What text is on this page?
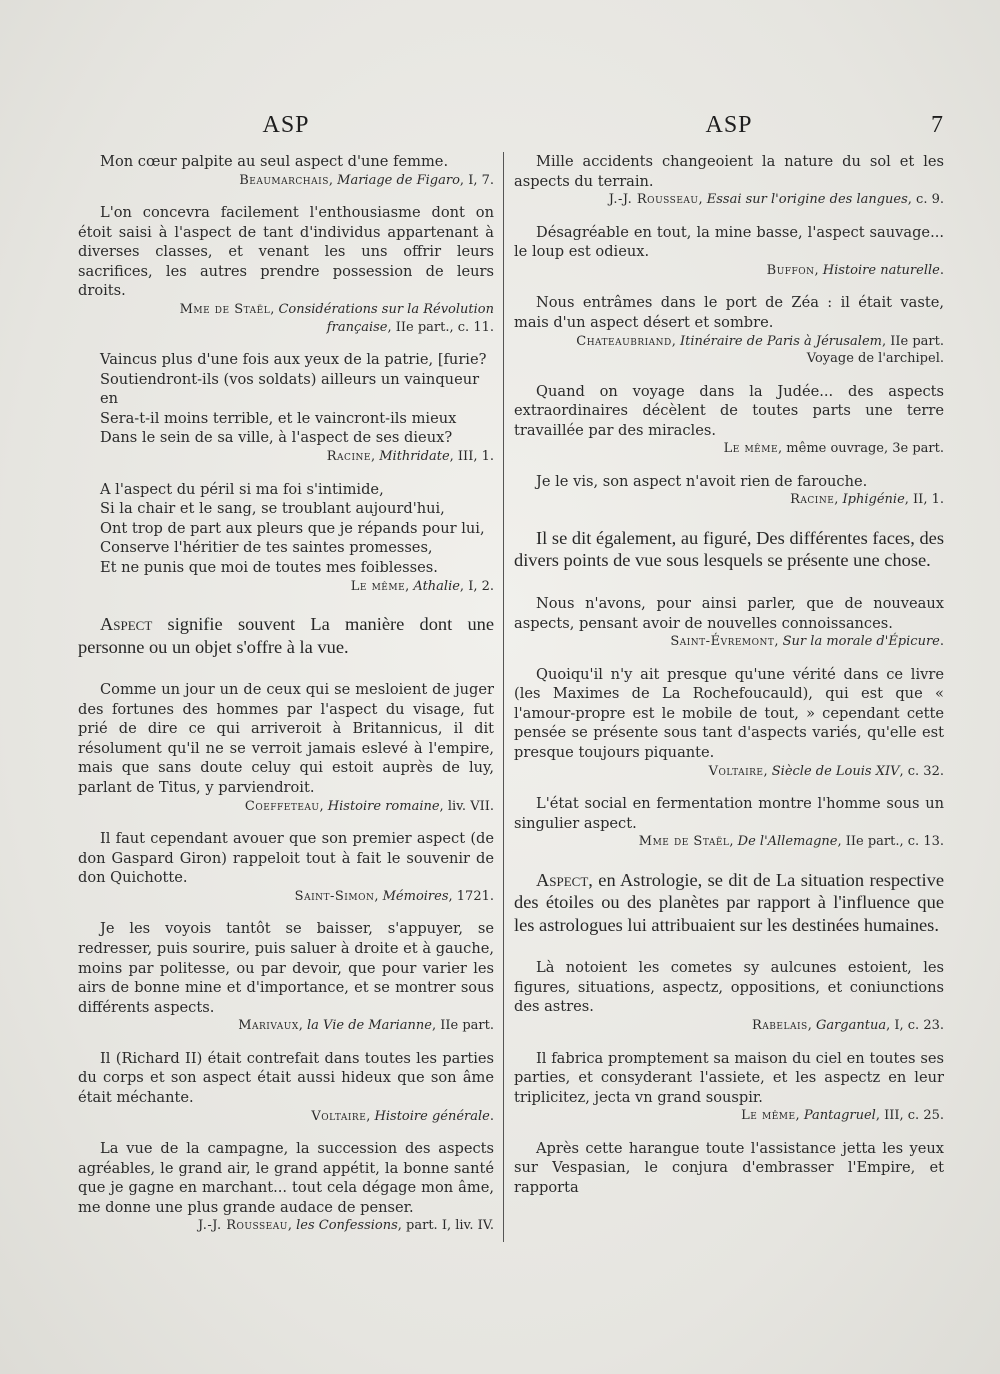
ASP

Mon cœur palpite au seul aspect d'une femme.

Beaumarchais, Mariage de Figaro, I, 7.

L'on concevra facilement l'enthousiasme dont on étoit saisi à l'aspect de tant d'individus appartenant à diverses classes, et venant les uns offrir leurs sacrifices, les autres prendre possession de leurs droits.

Mme de Staël, Considérations sur la Révolution française, IIe part., c. 11.

Vaincus plus d'une fois aux yeux de la patrie, [furie?
Soutiendront-ils (vos soldats) ailleurs un vainqueur en
Sera-t-il moins terrible, et le vaincront-ils mieux
Dans le sein de sa ville, à l'aspect de ses dieux?

Racine, Mithridate, III, 1.

A l'aspect du péril si ma foi s'intimide,
Si la chair et le sang, se troublant aujourd'hui,
Ont trop de part aux pleurs que je répands pour lui,
Conserve l'héritier de tes saintes promesses,
Et ne punis que moi de toutes mes foiblesses.

Le même, Athalie, I, 2.

Aspect signifie souvent La manière dont une personne ou un objet s'offre à la vue.

Comme un jour un de ceux qui se mesloient de juger des fortunes des hommes par l'aspect du visage, fut prié de dire ce qui arriveroit à Britannicus, il dit résolument qu'il ne se verroit jamais eslevé à l'empire, mais que sans doute celuy qui estoit auprès de luy, parlant de Titus, y parviendroit.

Coeffeteau, Histoire romaine, liv. VII.

Il faut cependant avouer que son premier aspect (de don Gaspard Giron) rappeloit tout à fait le souvenir de don Quichotte.

Saint-Simon, Mémoires, 1721.

Je les voyois tantôt se baisser, s'appuyer, se redresser, puis sourire, puis saluer à droite et à gauche, moins par politesse, ou par devoir, que pour varier les airs de bonne mine et d'importance, et se montrer sous différents aspects.

Marivaux, la Vie de Marianne, IIe part.

Il (Richard II) était contrefait dans toutes les parties du corps et son aspect était aussi hideux que son âme était méchante.

Voltaire, Histoire générale.

La vue de la campagne, la succession des aspects agréables, le grand air, le grand appétit, la bonne santé que je gagne en marchant... tout cela dégage mon âme, me donne une plus grande audace de penser.

J.-J. Rousseau, les Confessions, part. I, liv. IV.

ASP	7

Mille accidents changeoient la nature du sol et les aspects du terrain.

J.-J. Rousseau, Essai sur l'origine des langues, c. 9.

Désagréable en tout, la mine basse, l'aspect sauvage... le loup est odieux.

Buffon, Histoire naturelle.

Nous entrâmes dans le port de Zéa : il était vaste, mais d'un aspect désert et sombre.

Chateaubriand, Itinéraire de Paris à Jérusalem, IIe part. Voyage de l'archipel.

Quand on voyage dans la Judée... des aspects extraordinaires décèlent de toutes parts une terre travaillée par des miracles.

Le même, même ouvrage, 3e part.

Je le vis, son aspect n'avoit rien de farouche.

Racine, Iphigénie, II, 1.

Il se dit également, au figuré, Des différentes faces, des divers points de vue sous lesquels se présente une chose.

Nous n'avons, pour ainsi parler, que de nouveaux aspects, pensant avoir de nouvelles connoissances.

Saint-Évremont, Sur la morale d'Épicure.

Quoiqu'il n'y ait presque qu'une vérité dans ce livre (les Maximes de La Rochefoucauld), qui est que « l'amour-propre est le mobile de tout, » cependant cette pensée se présente sous tant d'aspects variés, qu'elle est presque toujours piquante.

Voltaire, Siècle de Louis XIV, c. 32.

L'état social en fermentation montre l'homme sous un singulier aspect.

Mme de Staël, De l'Allemagne, IIe part., c. 13.

Aspect, en Astrologie, se dit de La situation respective des étoiles ou des planètes par rapport à l'influence que les astrologues lui attribuaient sur les destinées humaines.

Là notoient les cometes sy aulcunes estoient, les figures, situations, aspectz, oppositions, et coniunctions des astres.

Rabelais, Gargantua, I, c. 23.

Il fabrica promptement sa maison du ciel en toutes ses parties, et consyderant l'assiete, et les aspectz en leur triplicitez, jecta vn grand souspir.

Le même, Pantagruel, III, c. 25.

Après cette harangue toute l'assistance jetta les yeux sur Vespasian, le conjura d'embrasser l'Empire, et rapporta
